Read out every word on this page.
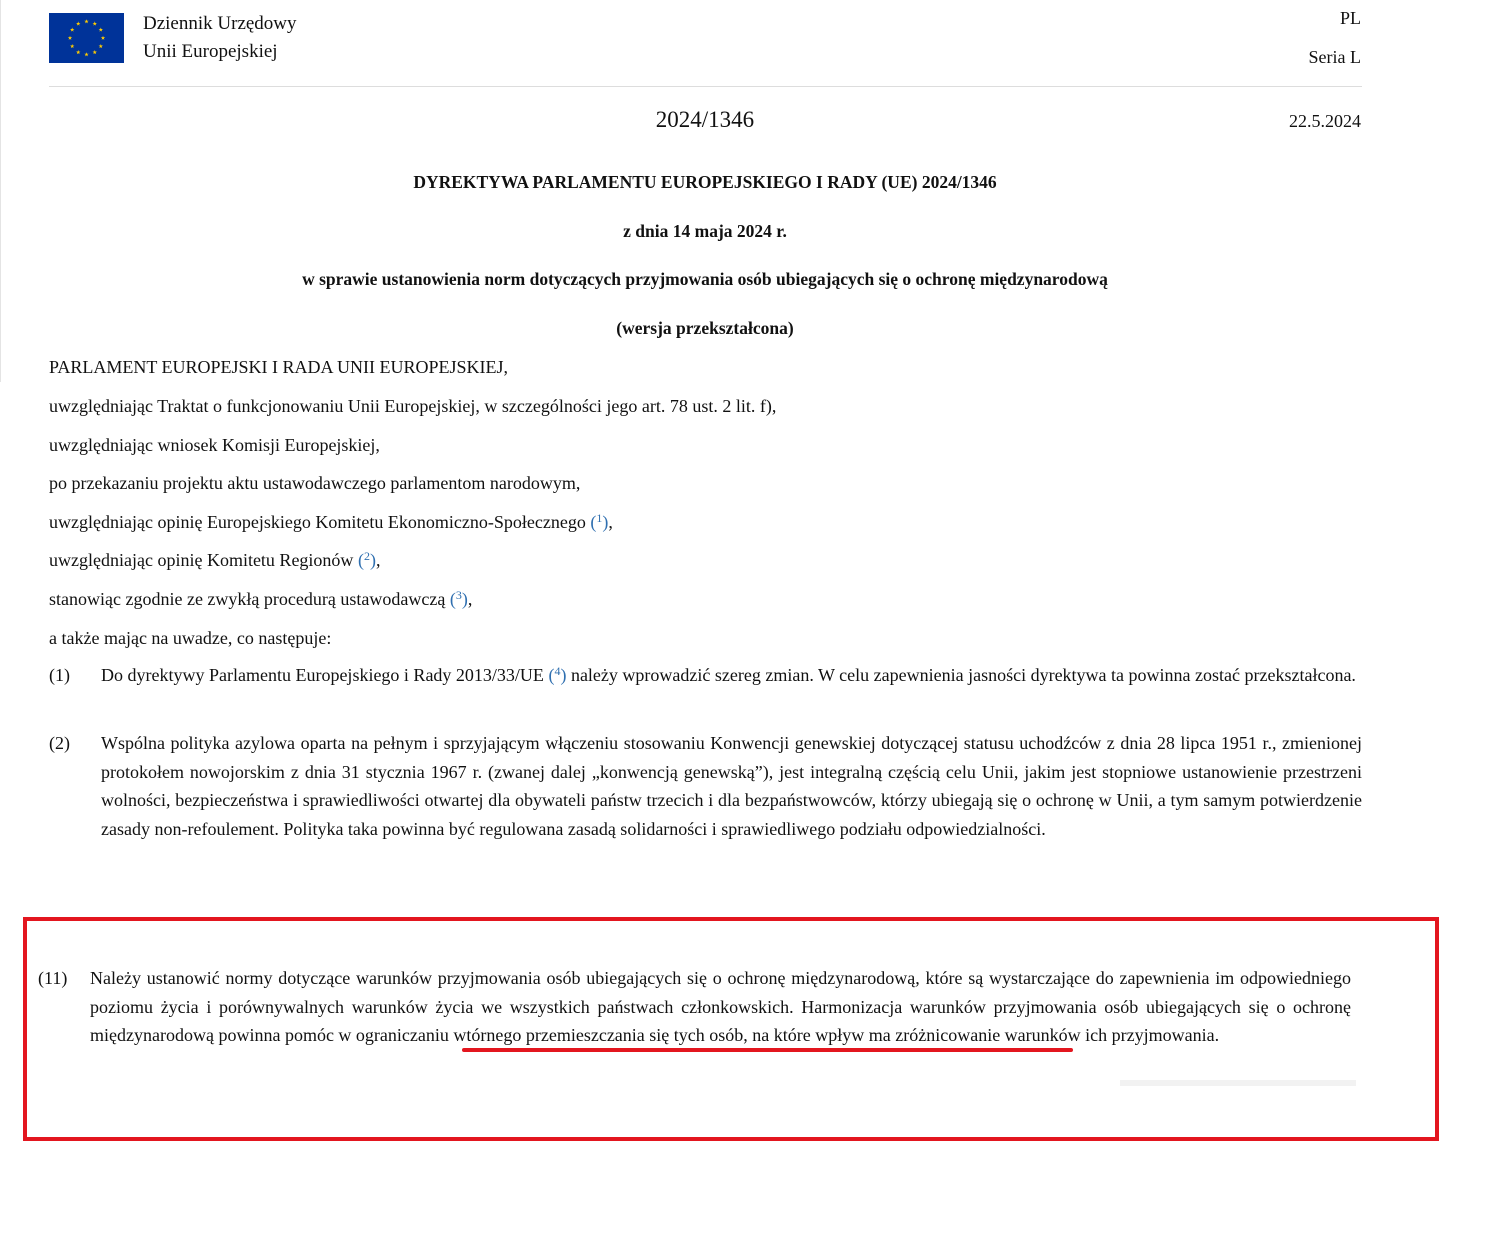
Dziennik Urzędowy
Unii Europejskiej
PL
Seria L
2024/1346	22.5.2024
DYREKTYWA PARLAMENTU EUROPEJSKIEGO I RADY (UE) 2024/1346
z dnia 14 maja 2024 r.
w sprawie ustanowienia norm dotyczących przyjmowania osób ubiegających się o ochronę międzynarodową
(wersja przekształcona)
PARLAMENT EUROPEJSKI I RADA UNII EUROPEJSKIEJ,
uwzględniając Traktat o funkcjonowaniu Unii Europejskiej, w szczególności jego art. 78 ust. 2 lit. f),
uwzględniając wniosek Komisji Europejskiej,
po przekazaniu projektu aktu ustawodawczego parlamentom narodowym,
uwzględniając opinię Europejskiego Komitetu Ekonomiczno-Społecznego ($^1$),
uwzględniając opinię Komitetu Regionów ($^2$),
stanowiąc zgodnie ze zwykłą procedurą ustawodawczą ($^3$),
a także mając na uwadze, co następuje:
(1) Do dyrektywy Parlamentu Europejskiego i Rady 2013/33/UE ($^4$) należy wprowadzić szereg zmian. W celu zapewnienia jasności dyrektywa ta powinna zostać przekształcona.
(2) Wspólna polityka azylowa oparta na pełnym i sprzyjającym włączeniu stosowaniu Konwencji genewskiej dotyczącej statusu uchodźców z dnia 28 lipca 1951 r., zmienionej protokołem nowojorskim z dnia 31 stycznia 1967 r. (zwanej dalej „konwencją genewską”), jest integralną częścią celu Unii, jakim jest stopniowe ustanowienie przestrzeni wolności, bezpieczeństwa i sprawiedliwości otwartej dla obywateli państw trzecich i dla bezpaństwowców, którzy ubiegają się o ochronę w Unii, a tym samym potwierdzenie zasady non-refoulement. Polityka taka powinna być regulowana zasadą solidarności i sprawiedliwego podziału odpowiedzialności.
(11) Należy ustanowić normy dotyczące warunków przyjmowania osób ubiegających się o ochronę międzynarodową, które są wystarczające do zapewnienia im odpowiedniego poziomu życia i porównywalnych warunków życia we wszystkich państwach członkowskich. Harmonizacja warunków przyjmowania osób ubiegających się o ochronę międzynarodową powinna pomóc w ograniczaniu wtórnego przemieszczania się tych osób, na które wpływ ma zróżnicowanie warunków ich przyjmowania.
